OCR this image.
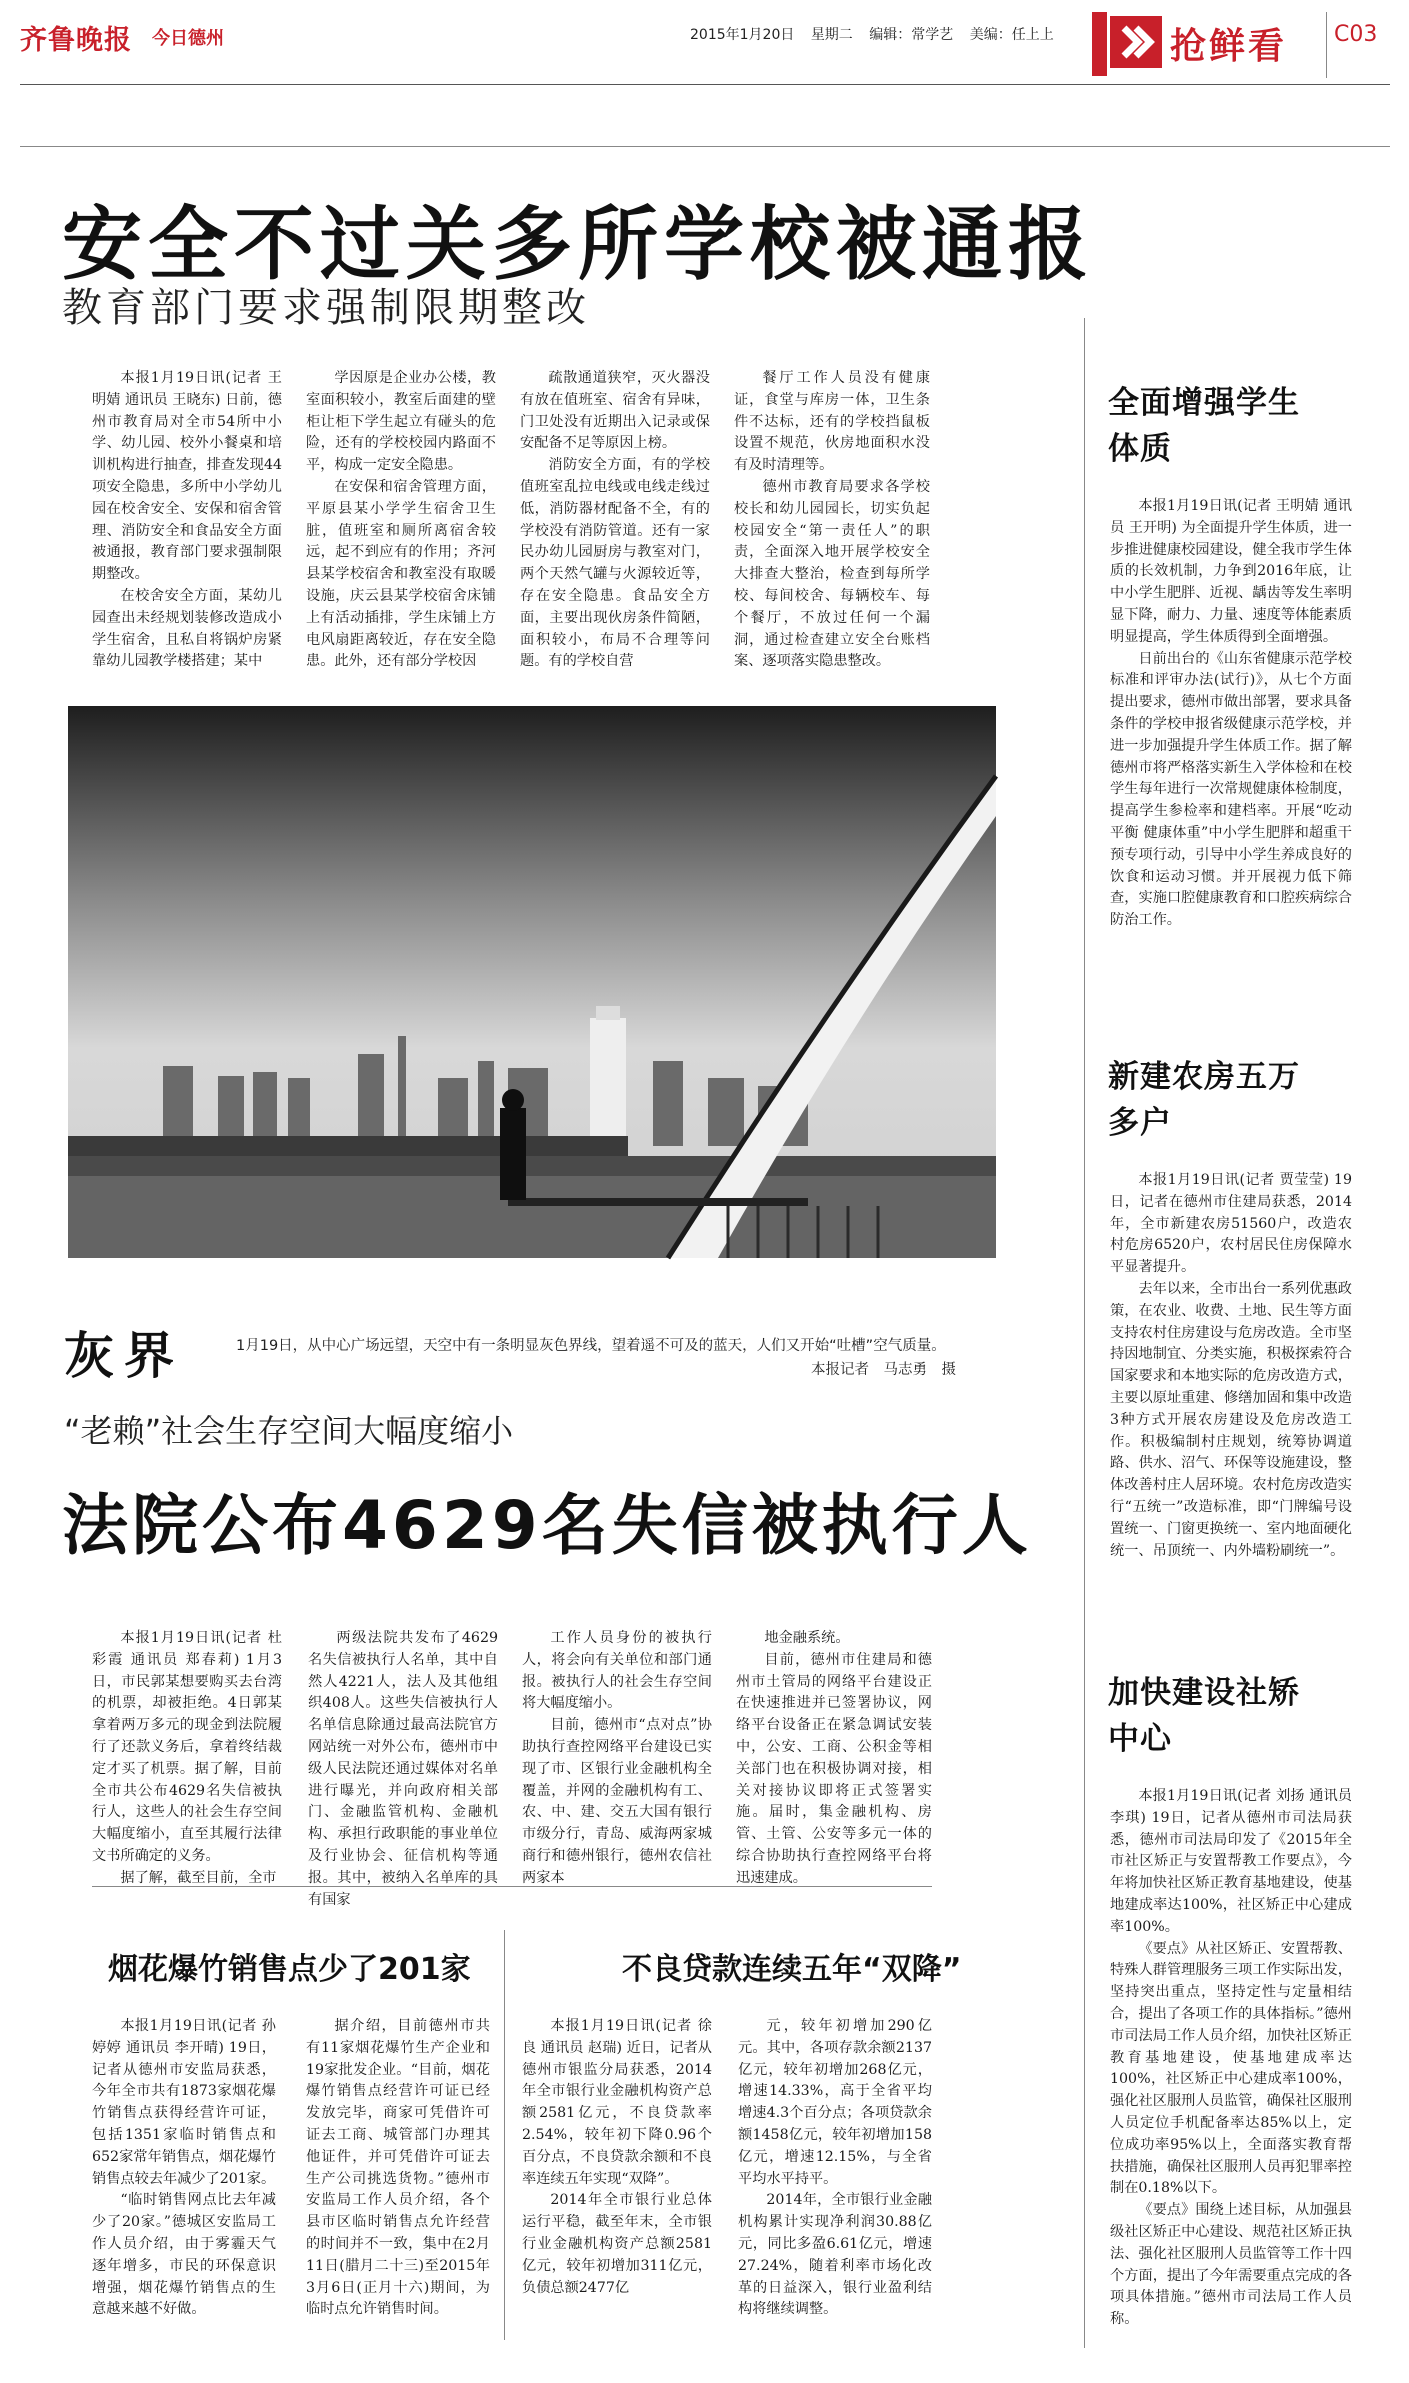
齐鲁晚报 今日德州	2015年1月20日 星期二 编辑：常学艺 美编：任上上	抢鲜看 C03
安全不过关多所学校被通报
教育部门要求强制限期整改

本报1月19日讯(记者 王明婧 通讯员 王晓东) 日前，德州市教育局对全市54所中小学、幼儿园、校外小餐桌和培训机构进行抽查，排查发现44项安全隐患，多所中小学幼儿园在校舍安全、安保和宿舍管理、消防安全和食品安全方面被通报，教育部门要求强制限期整改。

在校舍安全方面，某幼儿园查出未经规划装修改造成小学生宿舍，且私自将锅炉房紧靠幼儿园教学楼搭建；某中

学因原是企业办公楼，教室面积较小，教室后面建的壁柜让柜下学生起立有碰头的危险，还有的学校校园内路面不平，构成一定安全隐患。

在安保和宿舍管理方面，平原县某小学学生宿舍卫生脏，值班室和厕所离宿舍较远，起不到应有的作用；齐河县某学校宿舍和教室没有取暖设施，庆云县某学校宿舍床铺上有活动插排，学生床铺上方电风扇距离较近，存在安全隐患。此外，还有部分学校因

疏散通道狭窄，灭火器没有放在值班室、宿舍有异味，门卫处没有近期出入记录或保安配备不足等原因上榜。

消防安全方面，有的学校值班室乱拉电线或电线走线过低，消防器材配备不全，有的学校没有消防管道。还有一家民办幼儿园厨房与教室对门，两个天然气罐与火源较近等，存在安全隐患。食品安全方面，主要出现伙房条件简陋，面积较小，布局不合理等问题。有的学校自营

餐厅工作人员没有健康证，食堂与库房一体，卫生条件不达标，还有的学校挡鼠板设置不规范，伙房地面积水没有及时清理等。

德州市教育局要求各学校校长和幼儿园园长，切实负起校园安全“第一责任人”的职责，全面深入地开展学校安全大排查大整治，检查到每所学校、每间校舍、每辆校车、每个餐厅，不放过任何一个漏洞，通过检查建立安全台账档案、逐项落实隐患整改。

灰界	1月19日，从中心广场远望，天空中有一条明显灰色界线，望着遥不可及的蓝天，人们又开始“吐槽”空气质量。
本报记者　马志勇　摄
“老赖”社会生存空间大幅度缩小
法院公布4629名失信被执行人

本报1月19日讯(记者 杜彩霞 通讯员 郑春莉) 1月3日，市民郭某想要购买去台湾的机票，却被拒绝。4日郭某拿着两万多元的现金到法院履行了还款义务后，拿着终结裁定才买了机票。据了解，目前全市共公布4629名失信被执行人，这些人的社会生存空间大幅度缩小，直至其履行法律文书所确定的义务。

据了解，截至目前，全市

两级法院共发布了4629名失信被执行人名单，其中自然人4221人，法人及其他组织408人。这些失信被执行人名单信息除通过最高法院官方网站统一对外公布，德州市中级人民法院还通过媒体对名单进行曝光，并向政府相关部门、金融监管机构、金融机构、承担行政职能的事业单位及行业协会、征信机构等通报。其中，被纳入名单库的具有国家

工作人员身份的被执行人，将会向有关单位和部门通报。被执行人的社会生存空间将大幅度缩小。

目前，德州市“点对点”协助执行查控网络平台建设已实现了市、区银行业金融机构全覆盖，并网的金融机构有工、农、中、建、交五大国有银行市级分行，青岛、威海两家城商行和德州银行，德州农信社两家本

地金融系统。

目前，德州市住建局和德州市土管局的网络平台建设正在快速推进并已签署协议，网络平台设备正在紧急调试安装中，公安、工商、公积金等相关部门也在积极协调对接，相关对接协议即将正式签署实施。届时，集金融机构、房管、土管、公安等多元一体的综合协助执行查控网络平台将迅速建成。

烟花爆竹销售点少了201家

本报1月19日讯(记者 孙婷婷 通讯员 李开晴) 19日，记者从德州市安监局获悉，今年全市共有1873家烟花爆竹销售点获得经营许可证，包括1351家临时销售点和652家常年销售点，烟花爆竹销售点较去年减少了201家。

“临时销售网点比去年减少了20家。”德城区安监局工作人员介绍，由于雾霾天气逐年增多，市民的环保意识增强，烟花爆竹销售点的生意越来越不好做。

据介绍，目前德州市共有11家烟花爆竹生产企业和19家批发企业。“目前，烟花爆竹销售点经营许可证已经发放完毕，商家可凭借许可证去工商、城管部门办理其他证件，并可凭借许可证去生产公司挑选货物。”德州市安监局工作人员介绍，各个县市区临时销售点允许经营的时间并不一致，集中在2月11日(腊月二十三)至2015年3月6日(正月十六)期间，为临时点允许销售时间。

不良贷款连续五年“双降”

本报1月19日讯(记者 徐良 通讯员 赵瑞) 近日，记者从德州市银监分局获悉，2014年全市银行业金融机构资产总额2581亿元，不良贷款率2.54%，较年初下降0.96个百分点，不良贷款余额和不良率连续五年实现“双降”。

2014年全市银行业总体运行平稳，截至年末，全市银行业金融机构资产总额2581亿元，较年初增加311亿元，负债总额2477亿

元，较年初增加290亿元。其中，各项存款余额2137亿元，较年初增加268亿元，增速14.33%，高于全省平均增速4.3个百分点；各项贷款余额1458亿元，较年初增加158亿元，增速12.15%，与全省平均水平持平。

2014年，全市银行业金融机构累计实现净利润30.88亿元，同比多盈6.61亿元，增速27.24%，随着利率市场化改革的日益深入，银行业盈利结构将继续调整。

全面增强学生体质

本报1月19日讯(记者 王明婧 通讯员 王开明) 为全面提升学生体质，进一步推进健康校园建设，健全我市学生体质的长效机制，力争到2016年底，让中小学生肥胖、近视、龋齿等发生率明显下降，耐力、力量、速度等体能素质明显提高，学生体质得到全面增强。

日前出台的《山东省健康示范学校标准和评审办法(试行)》，从七个方面提出要求，德州市做出部署，要求具备条件的学校申报省级健康示范学校，并进一步加强提升学生体质工作。据了解德州市将严格落实新生入学体检和在校学生每年进行一次常规健康体检制度，提高学生参检率和建档率。开展“吃动平衡 健康体重”中小学生肥胖和超重干预专项行动，引导中小学生养成良好的饮食和运动习惯。并开展视力低下筛查，实施口腔健康教育和口腔疾病综合防治工作。

新建农房五万多户

本报1月19日讯(记者 贾莹莹) 19日，记者在德州市住建局获悉，2014年，全市新建农房51560户，改造农村危房6520户，农村居民住房保障水平显著提升。

去年以来，全市出台一系列优惠政策，在农业、收费、土地、民生等方面支持农村住房建设与危房改造。全市坚持因地制宜、分类实施，积极探索符合国家要求和本地实际的危房改造方式，主要以原址重建、修缮加固和集中改造3种方式开展农房建设及危房改造工作。积极编制村庄规划，统筹协调道路、供水、沼气、环保等设施建设，整体改善村庄人居环境。农村危房改造实行“五统一”改造标准，即“门牌编号设置统一、门窗更换统一、室内地面硬化统一、吊顶统一、内外墙粉刷统一”。

加快建设社矫中心

本报1月19日讯(记者 刘扬 通讯员 李琪) 19日，记者从德州市司法局获悉，德州市司法局印发了《2015年全市社区矫正与安置帮教工作要点》，今年将加快社区矫正教育基地建设，使基地建成率达100%，社区矫正中心建成率100%。

《要点》从社区矫正、安置帮教、特殊人群管理服务三项工作实际出发，坚持突出重点，坚持定性与定量相结合，提出了各项工作的具体指标。”德州市司法局工作人员介绍，加快社区矫正教育基地建设，使基地建成率达100%，社区矫正中心建成率100%，强化社区服刑人员监管，确保社区服刑人员定位手机配备率达85%以上，定位成功率95%以上，全面落实教育帮扶措施，确保社区服刑人员再犯罪率控制在0.18%以下。

《要点》围绕上述目标，从加强县级社区矫正中心建设、规范社区矫正执法、强化社区服刑人员监管等工作十四个方面，提出了今年需要重点完成的各项具体措施。”德州市司法局工作人员称。
